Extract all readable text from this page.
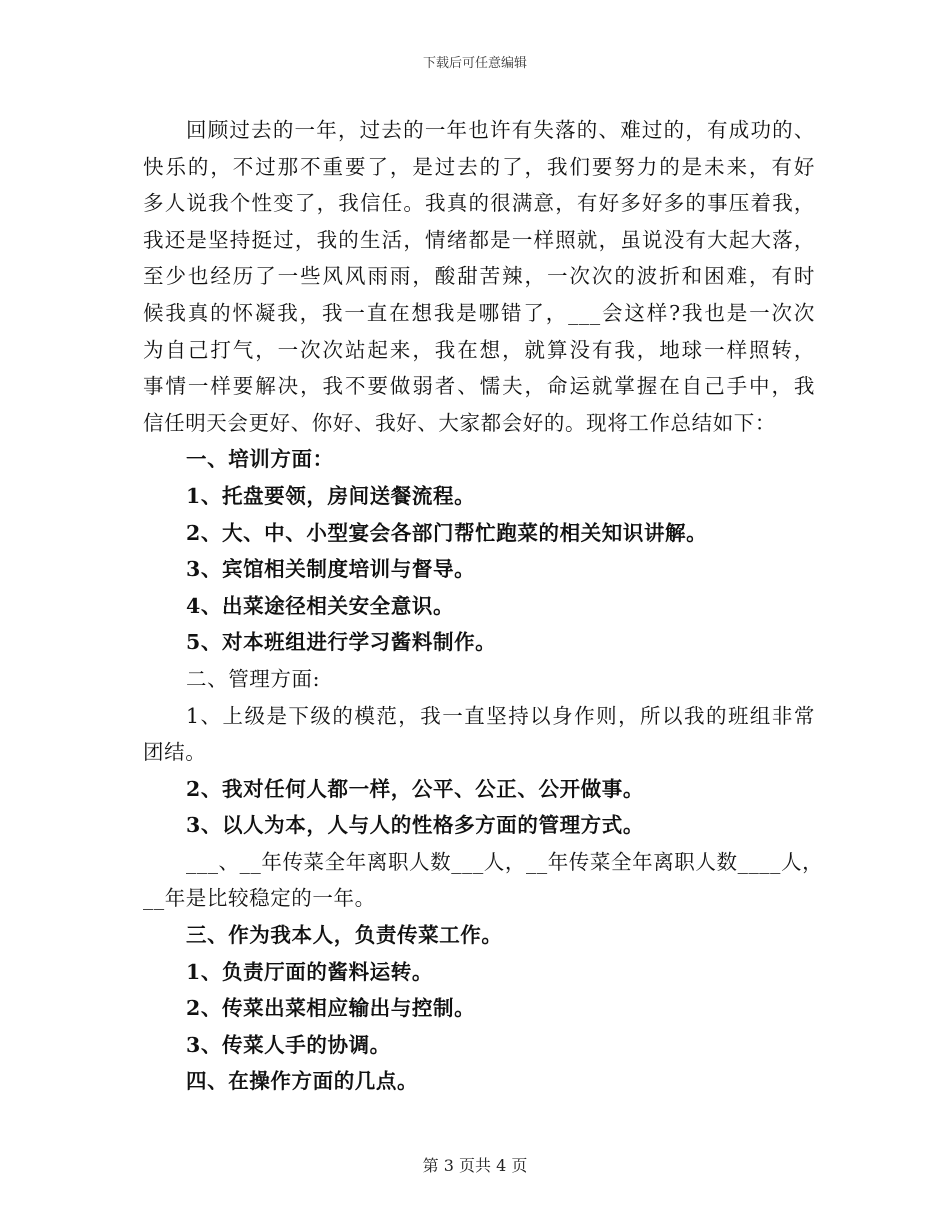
下载后可任意编辑
回顾过去的一年，过去的一年也许有失落的、难过的，有成功的、
快乐的，不过那不重要了，是过去的了，我们要努力的是未来，有好
多人说我个性变了，我信任。我真的很满意，有好多好多的事压着我，
我还是坚持挺过，我的生活，情绪都是一样照就，虽说没有大起大落，
至少也经历了一些风风雨雨，酸甜苦辣，一次次的波折和困难，有时
候我真的怀凝我，我一直在想我是哪错了，___会这样?我也是一次次
为自己打气，一次次站起来，我在想，就算没有我，地球一样照转，
事情一样要解决，我不要做弱者、懦夫，命运就掌握在自己手中，我
信任明天会更好、你好、我好、大家都会好的。现将工作总结如下：
一、培训方面：
1、托盘要领，房间送餐流程。
2、大、中、小型宴会各部门帮忙跑菜的相关知识讲解。
3、宾馆相关制度培训与督导。
4、出菜途径相关安全意识。
5、对本班组进行学习酱料制作。
二、管理方面:
1、上级是下级的模范，我一直坚持以身作则，所以我的班组非常
团结。
2、我对任何人都一样，公平、公正、公开做事。
3、以人为本，人与人的性格多方面的管理方式。
___、__年传菜全年离职人数___人，__年传菜全年离职人数____人，
__年是比较稳定的一年。
三、作为我本人，负责传菜工作。
1、负责厅面的酱料运转。
2、传菜出菜相应输出与控制。
3、传菜人手的协调。
四、在操作方面的几点。
第 3 页共 4 页
